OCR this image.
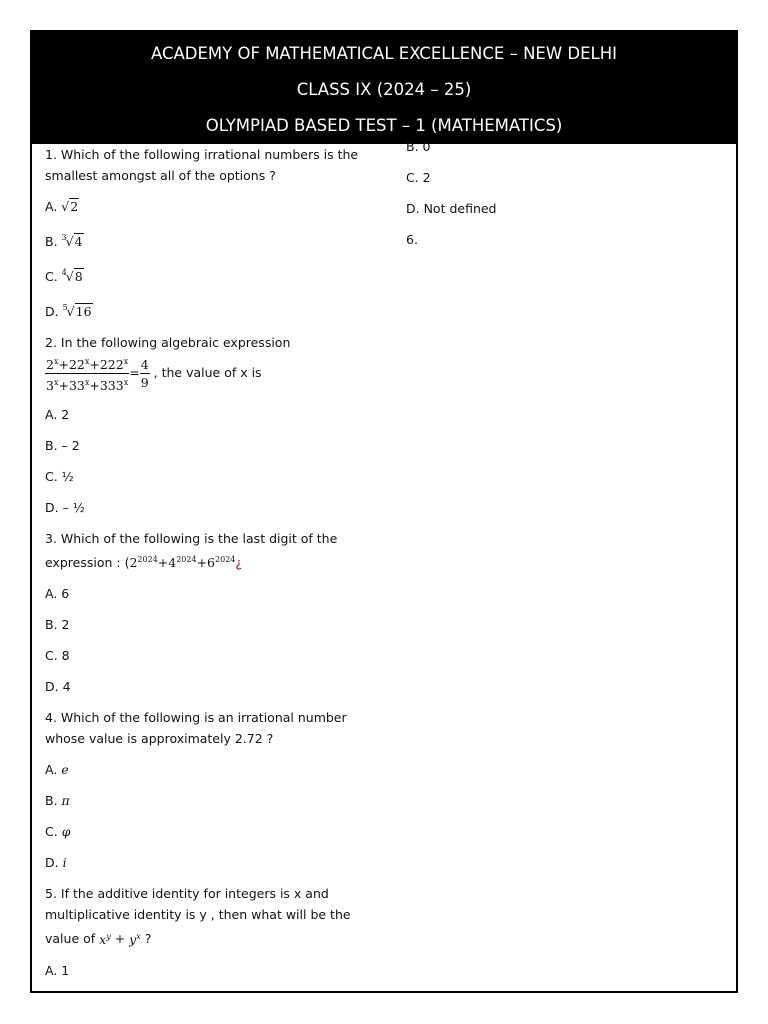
ACADEMY OF MATHEMATICAL EXCELLENCE – NEW DELHI
CLASS IX (2024 – 25)
OLYMPIAD BASED TEST – 1 (MATHEMATICS)

1. Which of the following irrational numbers is the smallest amongst all of the options ?

A. √2

B. $^3$√4

C. $^4$√8

D. $^5$√16

2. In the following algebraic expression

$\frac{2^x+22^x+222^x}{3^x+33^x+333^x} = \frac{4}{9}$ , the value of x is

A. 2

B. – 2

C. ½

D. – ½

3. Which of the following is the last digit of the

expression : ($2^{2024}+4^{2024}+6^{2024}¿$

A. 6

B. 2

C. 8

D. 4

4. Which of the following is an irrational number whose value is approximately 2.72 ?

A. e

B. π

C. φ

D. i

5. If the additive identity for integers is x and multiplicative identity is y , then what will be the

value of $x^y + y^x$ ?

A. 1

B. 0

C. 2

D. Not defined

6.
